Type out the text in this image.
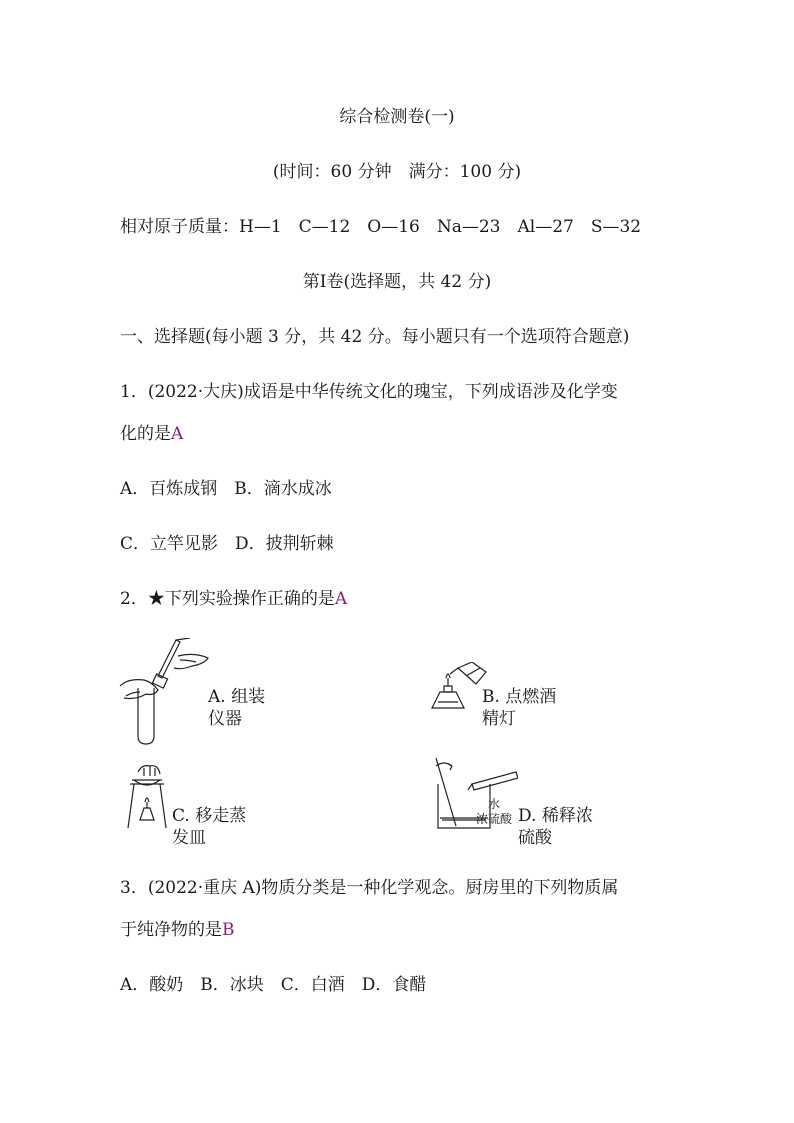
综合检测卷(一)
(时间：60 分钟　满分：100 分)
相对原子质量：H—1　C—12　O—16　Na—23　Al—27　S—32
第Ⅰ卷(选择题，共 42 分)
一、选择题(每小题 3 分，共 42 分。每小题只有一个选项符合题意)
1．(2022·大庆)成语是中华传统文化的瑰宝，下列成语涉及化学变
化的是A
A．百炼成钢　B．滴水成冰
C．立竿见影　D．披荆斩棘
2．★下列实验操作正确的是A
A. 组装
仪器
B. 点燃酒
精灯
C. 移走蒸
发皿
水
浓硫酸 D. 稀释浓
硫酸
3．(2022·重庆 A)物质分类是一种化学观念。厨房里的下列物质属
于纯净物的是B
A．酸奶　B．冰块　C．白酒　D．食醋
